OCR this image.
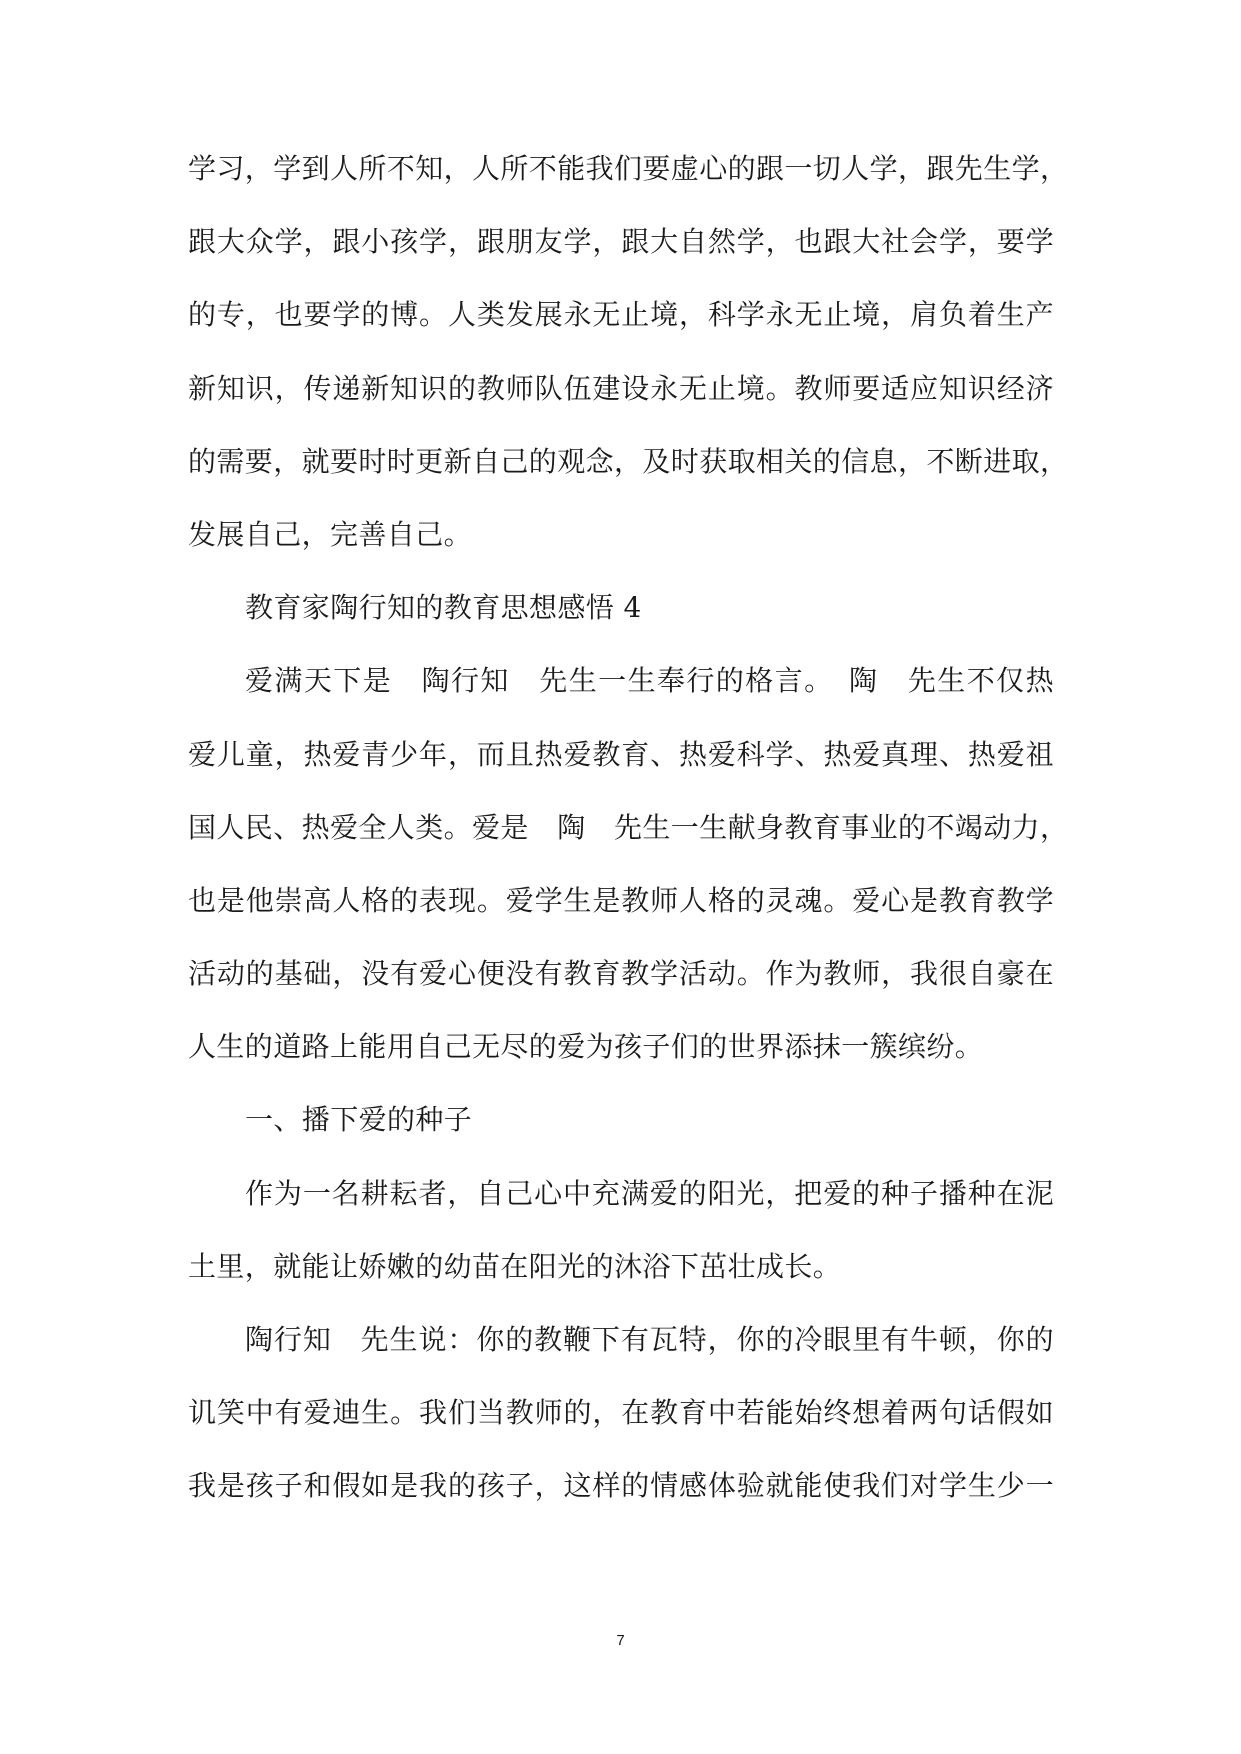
学习，学到人所不知，人所不能我们要虚心的跟一切人学，跟先生学，
跟大众学，跟小孩学，跟朋友学，跟大自然学，也跟大社会学，要学
的专，也要学的博。人类发展永无止境，科学永无止境，肩负着生产
新知识，传递新知识的教师队伍建设永无止境。教师要适应知识经济
的需要，就要时时更新自己的观念，及时获取相关的信息，不断进取，
发展自己，完善自己。
教育家陶行知的教育思想感悟 4
爱满天下是　陶行知　先生一生奉行的格言。　陶　先生不仅热
爱儿童，热爱青少年，而且热爱教育、热爱科学、热爱真理、热爱祖
国人民、热爱全人类。爱是　陶　先生一生献身教育事业的不竭动力，
也是他崇高人格的表现。爱学生是教师人格的灵魂。爱心是教育教学
活动的基础，没有爱心便没有教育教学活动。作为教师，我很自豪在
人生的道路上能用自己无尽的爱为孩子们的世界添抹一簇缤纷。
一、播下爱的种子
作为一名耕耘者，自己心中充满爱的阳光，把爱的种子播种在泥
土里，就能让娇嫩的幼苗在阳光的沐浴下茁壮成长。
陶行知　先生说：你的教鞭下有瓦特，你的冷眼里有牛顿，你的
讥笑中有爱迪生。我们当教师的，在教育中若能始终想着两句话假如
我是孩子和假如是我的孩子，这样的情感体验就能使我们对学生少一
7
